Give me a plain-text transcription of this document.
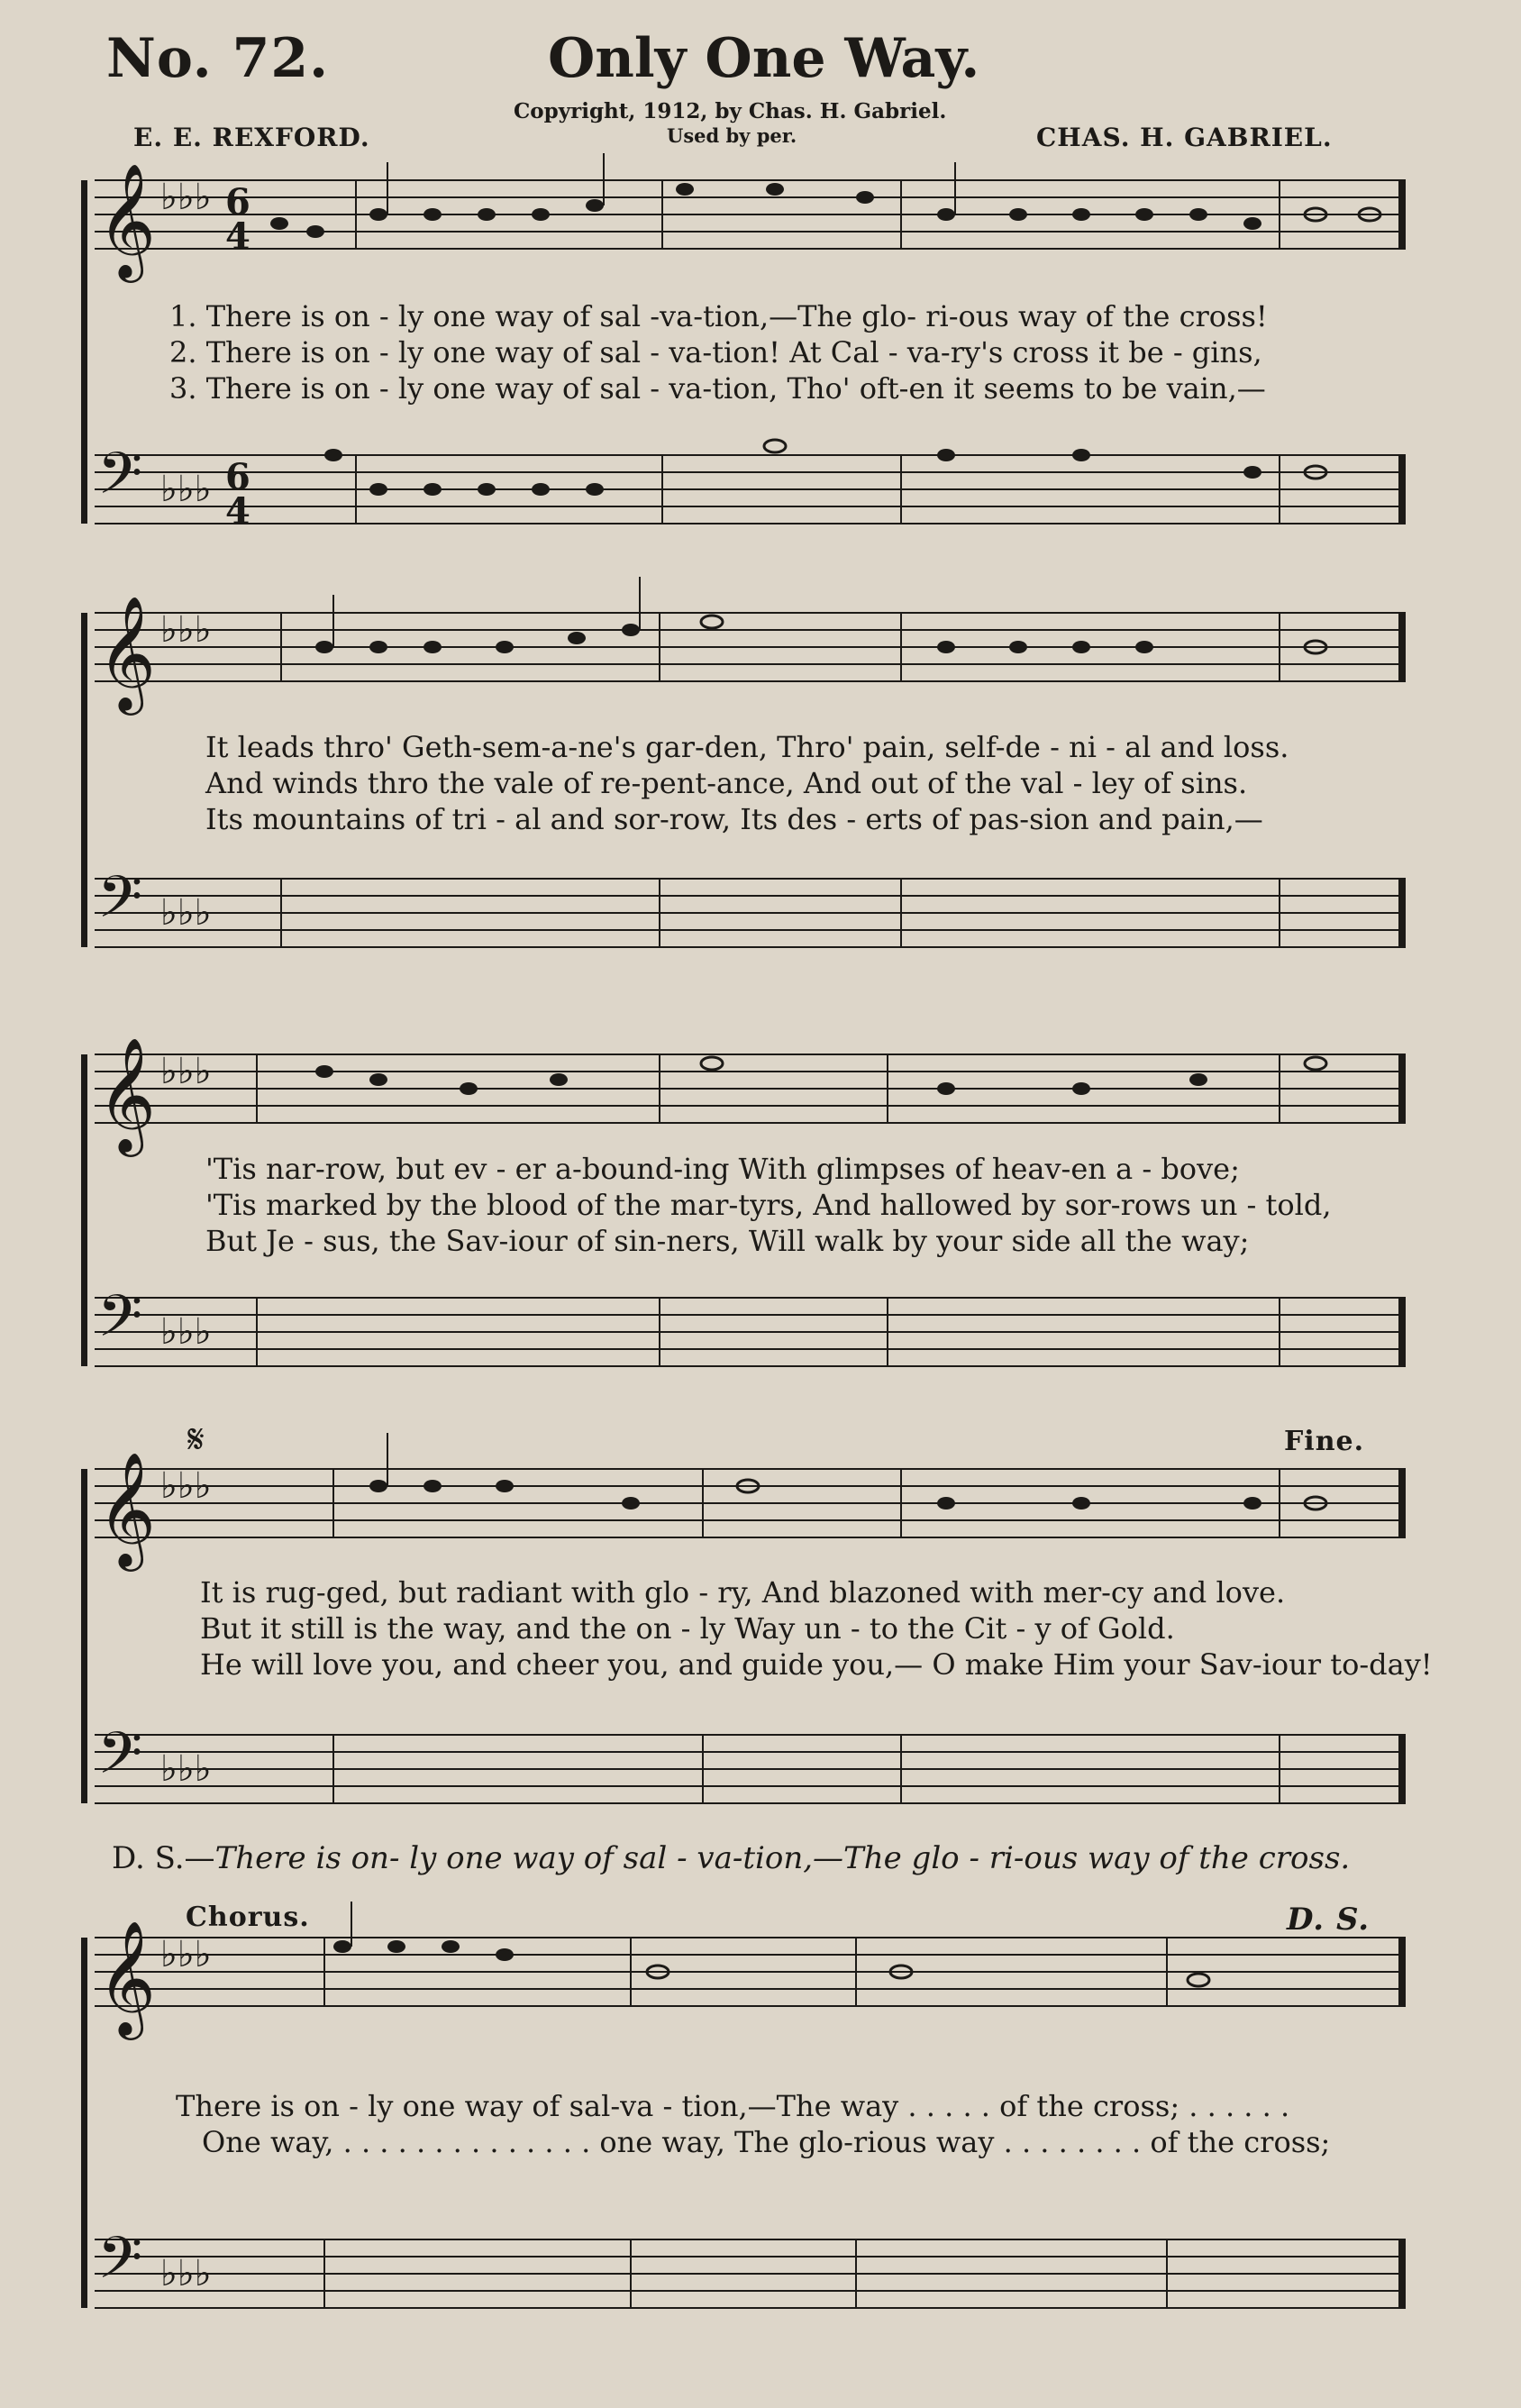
𝄞
𝄢
𝄞
𝄢
𝄞
𝄢
𝄞
𝄢
𝄞
𝄢
♭♭♭
♭♭♭
♭♭♭
♭♭♭
♭♭♭
♭♭♭
♭♭♭
♭♭♭
♭♭♭
♭♭♭
6
4
6
4
No. 72.	Only One Way.
Copyright, 1912, by Chas. H. Gabriel.
Used by per.
E. E. REXFORD.	CHAS. H. GABRIEL.
1. There is on - ly one way of sal -va-tion,—The glo- ri-ous way of the cross!
2. There is on - ly one way of sal - va-tion! At Cal - va-ry's cross it be - gins,
3. There is on - ly one way of sal - va-tion, Tho' oft-en it seems to be vain,—
It leads thro' Geth-sem-a-ne's gar-den, Thro' pain, self-de - ni - al and loss.
And winds thro the vale of re-pent-ance, And out of the val - ley of sins.
Its mountains of tri - al and sor-row, Its des - erts of pas-sion and pain,—
'Tis nar-row, but ev - er a-bound-ing With glimpses of heav-en a - bove;
'Tis marked by the blood of the mar-tyrs, And hallowed by sor-rows un - told,
But Je - sus, the Sav-iour of sin-ners, Will walk by your side all the way;
𝄋	Fine.
It is rug-ged, but radiant with glo - ry, And blazoned with mer-cy and love.
But it still is the way, and the on - ly Way un - to the Cit - y of Gold.
He will love you, and cheer you, and guide you,— O make Him your Sav-iour to-day!
D. S.—There is on- ly one way of sal - va-tion,—The glo - ri-ous way of the cross.
Chorus.	D. S.
There is on - ly one way of sal-va - tion,—The way . . . . . of the cross; . . . . . .
One way, . . . . . . . . . . . . . . one way, The glo-rious way . . . . . . . . of the cross;
